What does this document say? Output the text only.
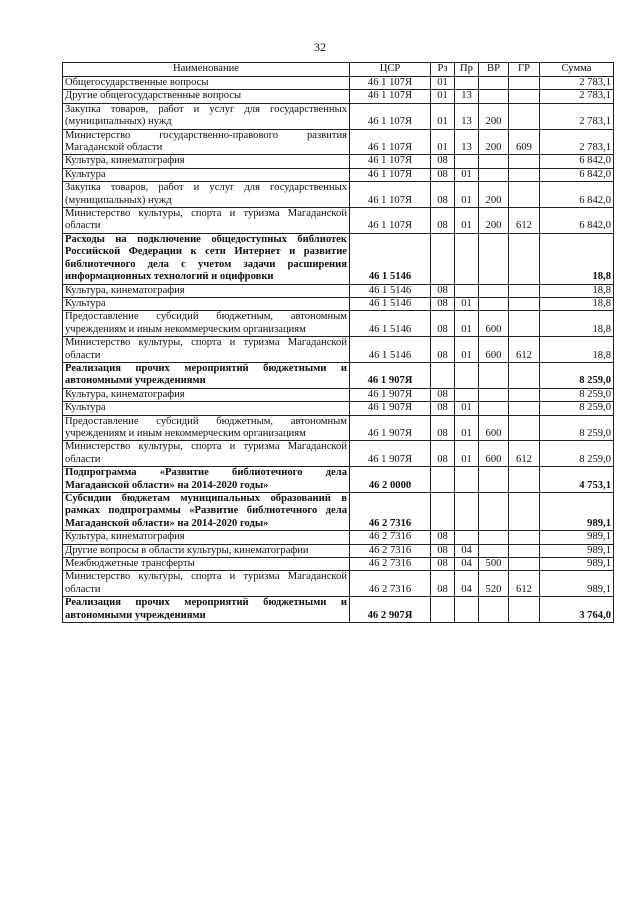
32
Наименование	ЦСР	Рз	Пр	ВР	ГР	Сумма
Общегосударственные вопросы	46 1 107Я	01				2 783,1
Другие общегосударственные вопросы	46 1 107Я	01	13			2 783,1
Закупка товаров, работ и услуг для государственных (муниципальных) нужд	46 1 107Я	01	13	200		2 783,1
Министерство государственно-правового развития Магаданской области	46 1 107Я	01	13	200	609	2 783,1
Культура, кинематография	46 1 107Я	08				6 842,0
Культура	46 1 107Я	08	01			6 842,0
Закупка товаров, работ и услуг для государственных (муниципальных) нужд	46 1 107Я	08	01	200		6 842,0
Министерство культуры, спорта и туризма Магаданской области	46 1 107Я	08	01	200	612	6 842,0
Расходы на подключение общедоступных библиотек Российской Федерации к сети Интернет и развитие библиотечного дела с учетом задачи расширения информационных технологий и оцифровки	46 1 5146					18,8
Культура, кинематография	46 1 5146	08				18,8
Культура	46 1 5146	08	01			18,8
Предоставление субсидий бюджетным, автономным учреждениям и иным некоммерческим организациям	46 1 5146	08	01	600		18,8
Министерство культуры, спорта и туризма Магаданской области	46 1 5146	08	01	600	612	18,8
Реализация прочих мероприятий бюджетными и автономными учреждениями	46 1 907Я					8 259,0
Культура, кинематография	46 1 907Я	08				8 259,0
Культура	46 1 907Я	08	01			8 259,0
Предоставление субсидий бюджетным, автономным учреждениям и иным некоммерческим организациям	46 1 907Я	08	01	600		8 259,0
Министерство культуры, спорта и туризма Магаданской области	46 1 907Я	08	01	600	612	8 259,0
Подпрограмма «Развитие библиотечного дела Магаданской области» на 2014-2020 годы»	46 2 0000					4 753,1
Субсидии бюджетам муниципальных образований в рамках подпрограммы «Развитие библиотечного дела Магаданской области» на 2014-2020 годы»	46 2 7316					989,1
Культура, кинематография	46 2 7316	08				989,1
Другие вопросы в области культуры, кинематографии	46 2 7316	08	04			989,1
Межбюджетные трансферты	46 2 7316	08	04	500		989,1
Министерство культуры, спорта и туризма Магаданской области	46 2 7316	08	04	520	612	989,1
Реализация прочих мероприятий бюджетными и автономными учреждениями	46 2 907Я					3 764,0
